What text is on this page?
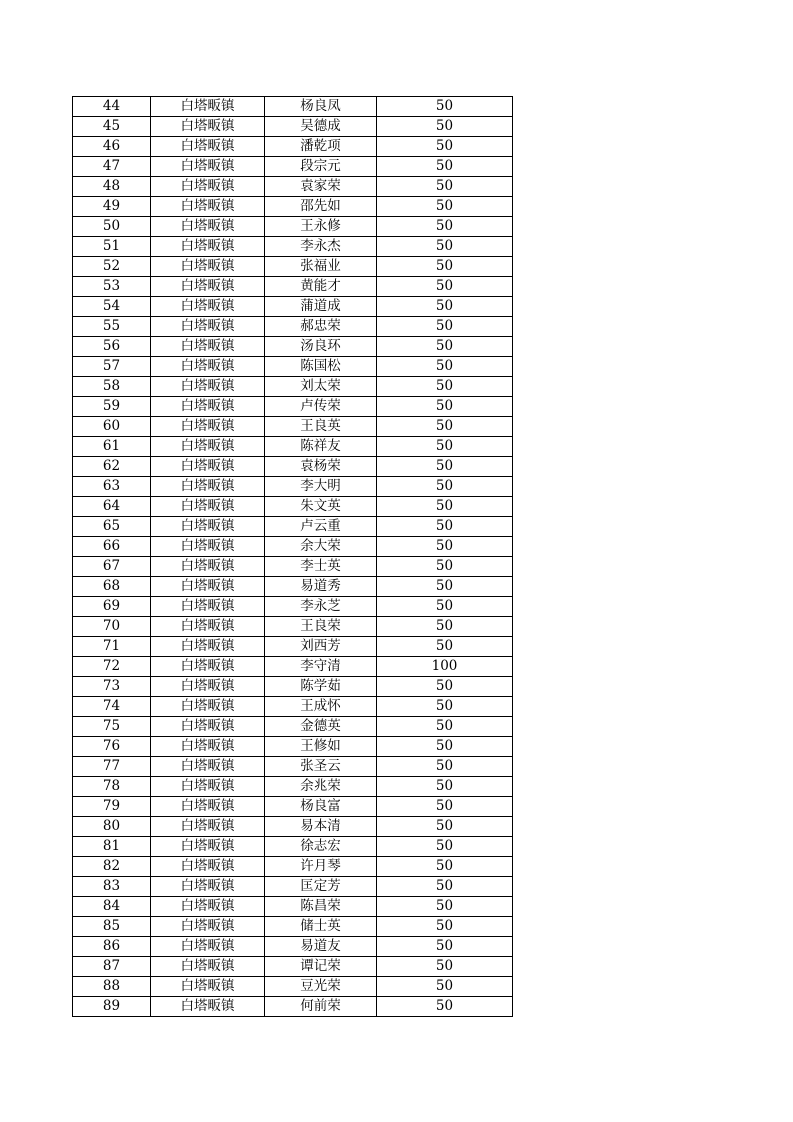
44	白塔畈镇	杨良凤	50
45	白塔畈镇	吴德成	50
46	白塔畈镇	潘乾项	50
47	白塔畈镇	段宗元	50
48	白塔畈镇	袁家荣	50
49	白塔畈镇	邵先如	50
50	白塔畈镇	王永修	50
51	白塔畈镇	李永杰	50
52	白塔畈镇	张福业	50
53	白塔畈镇	黄能才	50
54	白塔畈镇	蒲道成	50
55	白塔畈镇	郝忠荣	50
56	白塔畈镇	汤良环	50
57	白塔畈镇	陈国松	50
58	白塔畈镇	刘太荣	50
59	白塔畈镇	卢传荣	50
60	白塔畈镇	王良英	50
61	白塔畈镇	陈祥友	50
62	白塔畈镇	袁杨荣	50
63	白塔畈镇	李大明	50
64	白塔畈镇	朱文英	50
65	白塔畈镇	卢云重	50
66	白塔畈镇	余大荣	50
67	白塔畈镇	李士英	50
68	白塔畈镇	易道秀	50
69	白塔畈镇	李永芝	50
70	白塔畈镇	王良荣	50
71	白塔畈镇	刘西芳	50
72	白塔畈镇	李守清	100
73	白塔畈镇	陈学茹	50
74	白塔畈镇	王成怀	50
75	白塔畈镇	金德英	50
76	白塔畈镇	王修如	50
77	白塔畈镇	张圣云	50
78	白塔畈镇	余兆荣	50
79	白塔畈镇	杨良富	50
80	白塔畈镇	易本清	50
81	白塔畈镇	徐志宏	50
82	白塔畈镇	许月琴	50
83	白塔畈镇	匡定芳	50
84	白塔畈镇	陈昌荣	50
85	白塔畈镇	储士英	50
86	白塔畈镇	易道友	50
87	白塔畈镇	谭记荣	50
88	白塔畈镇	豆光荣	50
89	白塔畈镇	何前荣	50
